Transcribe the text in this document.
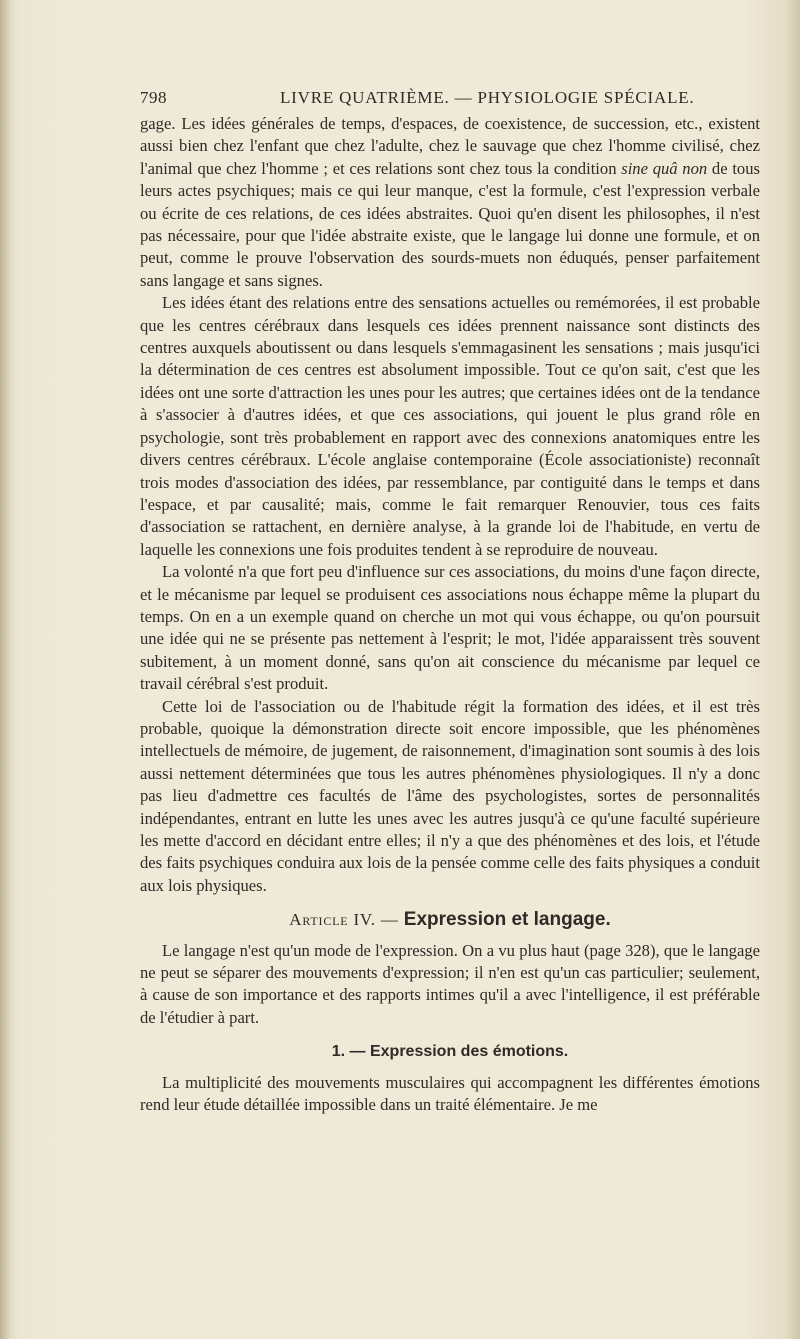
798	LIVRE QUATRIÈME. — PHYSIOLOGIE SPÉCIALE.

gage. Les idées générales de temps, d'espaces, de coexistence, de succession, etc., existent aussi bien chez l'enfant que chez l'adulte, chez le sauvage que chez l'homme civilisé, chez l'animal que chez l'homme ; et ces relations sont chez tous la condition sine quâ non de tous leurs actes psychiques; mais ce qui leur manque, c'est la formule, c'est l'expression verbale ou écrite de ces relations, de ces idées abstraites. Quoi qu'en disent les philosophes, il n'est pas nécessaire, pour que l'idée abstraite existe, que le langage lui donne une formule, et on peut, comme le prouve l'observation des sourds-muets non éduqués, penser parfaitement sans langage et sans signes.

Les idées étant des relations entre des sensations actuelles ou remémorées, il est probable que les centres cérébraux dans lesquels ces idées prennent naissance sont distincts des centres auxquels aboutissent ou dans lesquels s'emmagasinent les sensations ; mais jusqu'ici la détermination de ces centres est absolument impossible. Tout ce qu'on sait, c'est que les idées ont une sorte d'attraction les unes pour les autres; que certaines idées ont de la tendance à s'associer à d'autres idées, et que ces associations, qui jouent le plus grand rôle en psychologie, sont très probablement en rapport avec des connexions anatomiques entre les divers centres cérébraux. L'école anglaise contemporaine (École associationiste) reconnaît trois modes d'association des idées, par ressemblance, par contiguité dans le temps et dans l'espace, et par causalité; mais, comme le fait remarquer Renouvier, tous ces faits d'association se rattachent, en dernière analyse, à la grande loi de l'habitude, en vertu de laquelle les connexions une fois produites tendent à se reproduire de nouveau.

La volonté n'a que fort peu d'influence sur ces associations, du moins d'une façon directe, et le mécanisme par lequel se produisent ces associations nous échappe même la plupart du temps. On en a un exemple quand on cherche un mot qui vous échappe, ou qu'on poursuit une idée qui ne se présente pas nettement à l'esprit; le mot, l'idée apparaissent très souvent subitement, à un moment donné, sans qu'on ait conscience du mécanisme par lequel ce travail cérébral s'est produit.

Cette loi de l'association ou de l'habitude régit la formation des idées, et il est très probable, quoique la démonstration directe soit encore impossible, que les phénomènes intellectuels de mémoire, de jugement, de raisonnement, d'imagination sont soumis à des lois aussi nettement déterminées que tous les autres phénomènes physiologiques. Il n'y a donc pas lieu d'admettre ces facultés de l'âme des psychologistes, sortes de personnalités indépendantes, entrant en lutte les unes avec les autres jusqu'à ce qu'une faculté supérieure les mette d'accord en décidant entre elles; il n'y a que des phénomènes et des lois, et l'étude des faits psychiques conduira aux lois de la pensée comme celle des faits physiques a conduit aux lois physiques.

Article IV. — Expression et langage.

Le langage n'est qu'un mode de l'expression. On a vu plus haut (page 328), que le langage ne peut se séparer des mouvements d'expression; il n'en est qu'un cas particulier; seulement, à cause de son importance et des rapports intimes qu'il a avec l'intelligence, il est préférable de l'étudier à part.

1. — Expression des émotions.

La multiplicité des mouvements musculaires qui accompagnent les différentes émotions rend leur étude détaillée impossible dans un traité élémentaire. Je me
